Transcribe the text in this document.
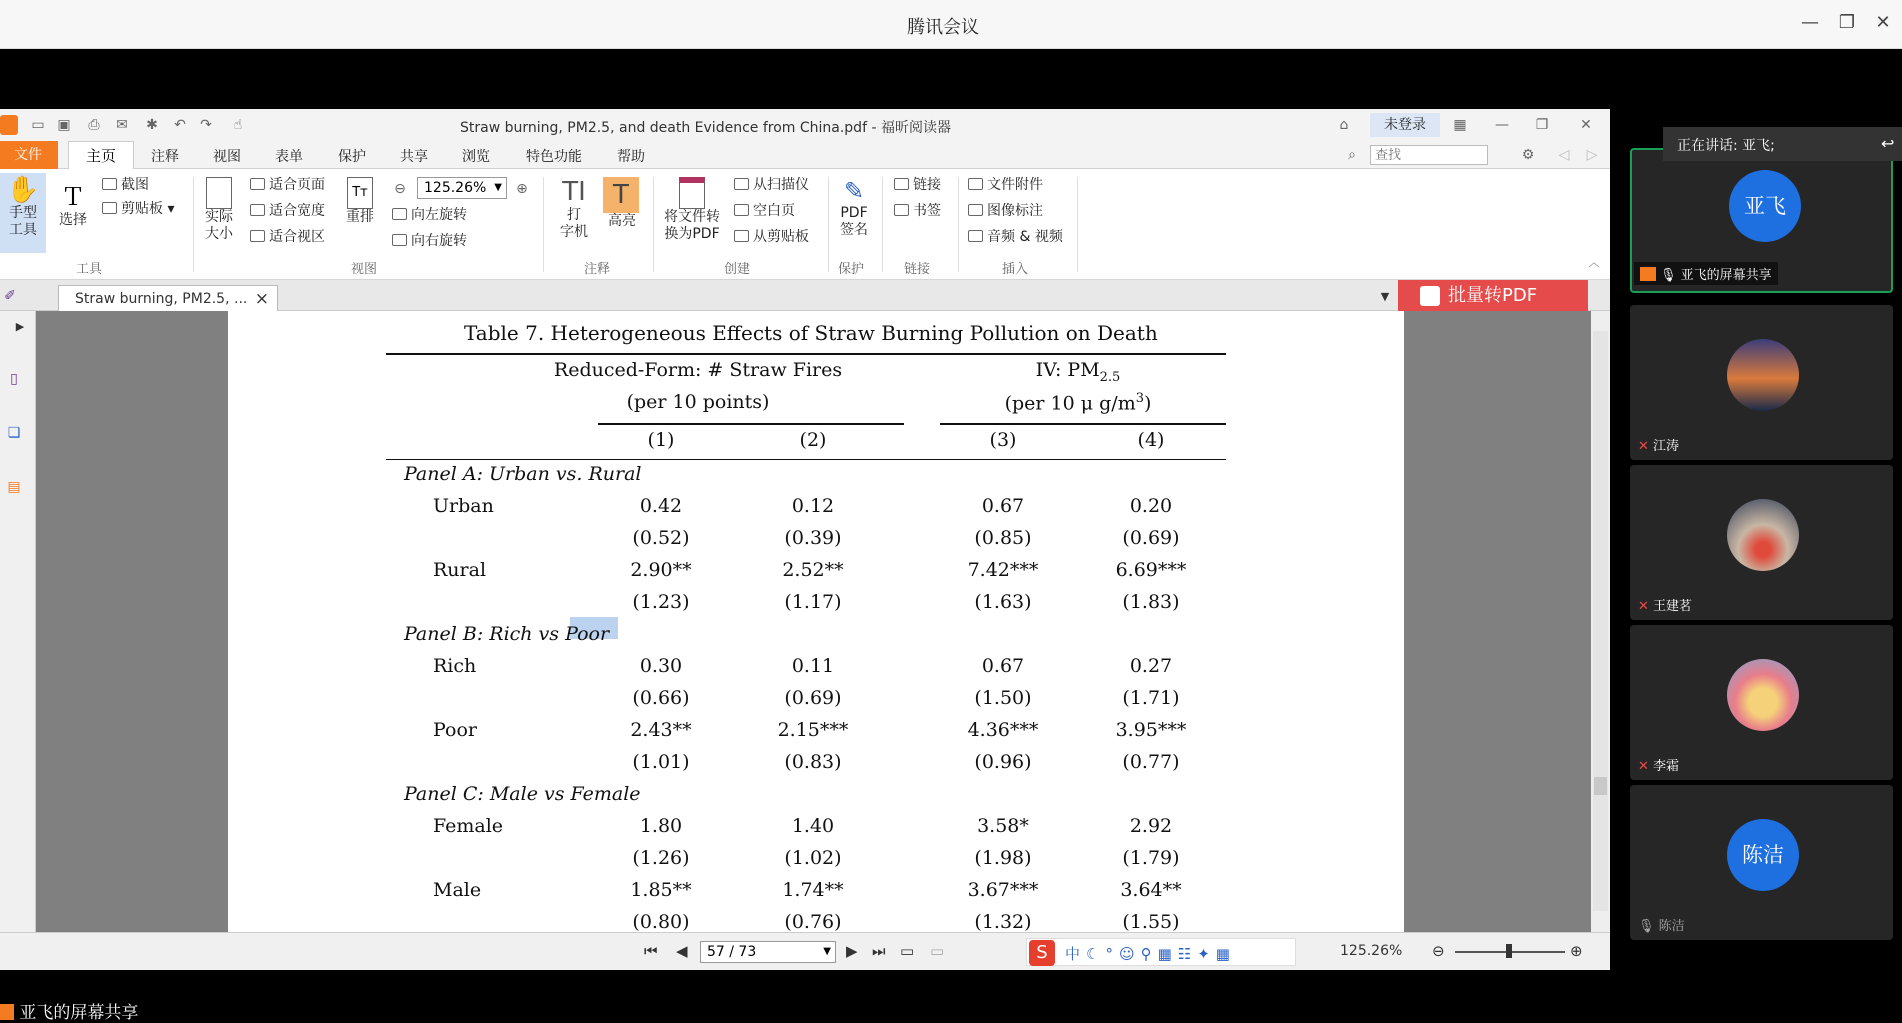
腾讯会议	—	❐	✕
▭ ▣ ⎙ ✉ ✱ ↶ ↷ ☝	Straw burning, PM2.5, and death Evidence from China.pdf - 福昕阅读器	⌂	未登录	▦ — ❐ ✕
文件	主页	注释 视图 表单	保护 共享 浏览	特色功能	帮助	⌕
查找	⚙ ◁ ▷
✋
手型
工具
Ｔ
选择
截图
剪贴板 ▾
工具
实际
大小
适合页面
适合宽度
适合视区
Tт
重排
⊖	125.26% ▼ ⊕
向左旋转
向右旋转
视图
TI
打
字机
T
高亮
注释
将文件转
换为PDF
从扫描仪
空白页
从剪贴板
创建
✎
PDF
签名
保护
链接
书签
链接
文件附件
图像标注
音频 & 视频
插入	︿
✐	Straw burning, PM2.5, ... ×	▼	批量转PDF
▶
▯
❏
▤
Table 7. Heterogeneous Effects of Straw Burning Pollution on Death
Reduced-Form: # Straw Fires
(per 10 points)
IV: $PM_{2.5}$
(per 10 μ $g/m^3$)
(1)	(2)	(3)	(4)
Panel A: Urban vs. Rural
Urban	0.42	0.12	0.67	0.20
(0.52)	(0.39)	(0.85)	(0.69)
Rural	2.90**	2.52**	7.42***	6.69***
(1.23)	(1.17)	(1.63)	(1.83)
Panel B: Rich vs Poor
Rich	0.30	0.11	0.67	0.27
(0.66)	(0.69)	(1.50)	(1.71)
Poor	2.43**	2.15***	4.36***	3.95***
(1.01)	(0.83)	(0.96)	(0.77)
Panel C: Male vs Female
Female	1.80	1.40	3.58*	2.92
(1.26)	(1.02)	(1.98)	(1.79)
Male	1.85**	1.74**	3.67***	3.64**
(0.80)	(0.76)	(1.32)	(1.55)
⏮ ◀	57 / 73	▼ ▶ ⏭ ▭ ▭	125.26% ⊖	⊕
S	中☾°☺⚲▦☷✦▦
亚飞
🎙 亚飞的屏幕共享
✕ 江涛
✕ 王建茗
✕ 李霜
陈洁
🎙 陈洁
正在讲话: 亚飞;	↩
亚飞的屏幕共享
